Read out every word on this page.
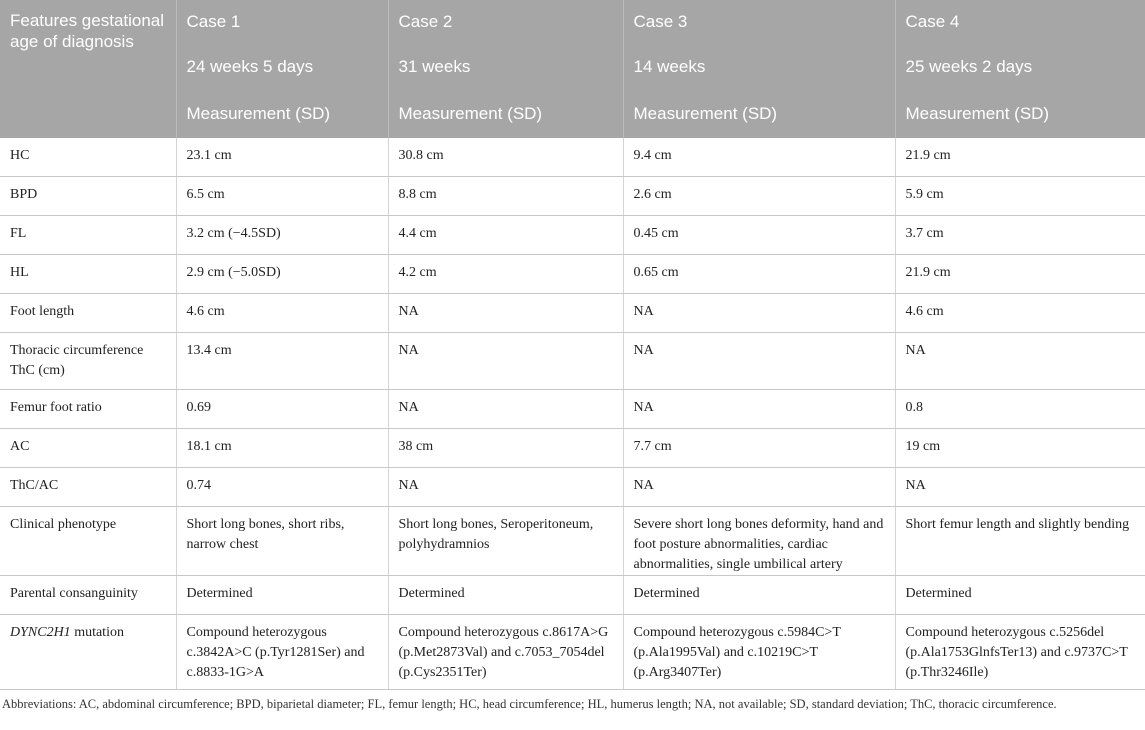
Features gestational age of diagnosis	Case 1	Case 2	Case 3	Case 4
	24 weeks 5 days	31 weeks	14 weeks	25 weeks 2 days
	Measurement (SD)	Measurement (SD)	Measurement (SD)	Measurement (SD)
HC	23.1 cm	30.8 cm	9.4 cm	21.9 cm
BPD	6.5 cm	8.8 cm	2.6 cm	5.9 cm
FL	3.2 cm (−4.5SD)	4.4 cm	0.45 cm	3.7 cm
HL	2.9 cm (−5.0SD)	4.2 cm	0.65 cm	21.9 cm
Foot length	4.6 cm	NA	NA	4.6 cm
Thoracic circumference ThC (cm)	13.4 cm	NA	NA	NA
Femur foot ratio	0.69	NA	NA	0.8
AC	18.1 cm	38 cm	7.7 cm	19 cm
ThC/AC	0.74	NA	NA	NA
Clinical phenotype	Short long bones, short ribs, narrow chest	Short long bones, Seroperitoneum, polyhydramnios	Severe short long bones deformity, hand and foot posture abnormalities, cardiac abnormalities, single umbilical artery	Short femur length and slightly bending
Parental consanguinity	Determined	Determined	Determined	Determined
DYNC2H1 mutation	Compound heterozygous c.3842A>C (p.Tyr1281Ser) and c.8833-1G>A	Compound heterozygous c.8617A>G (p.Met2873Val) and c.7053_7054del (p.Cys2351Ter)	Compound heterozygous c.5984C>T (p.Ala1995Val) and c.10219C>T (p.Arg3407Ter)	Compound heterozygous c.5256del (p.Ala1753GlnfsTer13) and c.9737C>T (p.Thr3246Ile)
Abbreviations: AC, abdominal circumference; BPD, biparietal diameter; FL, femur length; HC, head circumference; HL, humerus length; NA, not available; SD, standard deviation; ThC, thoracic circumference.
